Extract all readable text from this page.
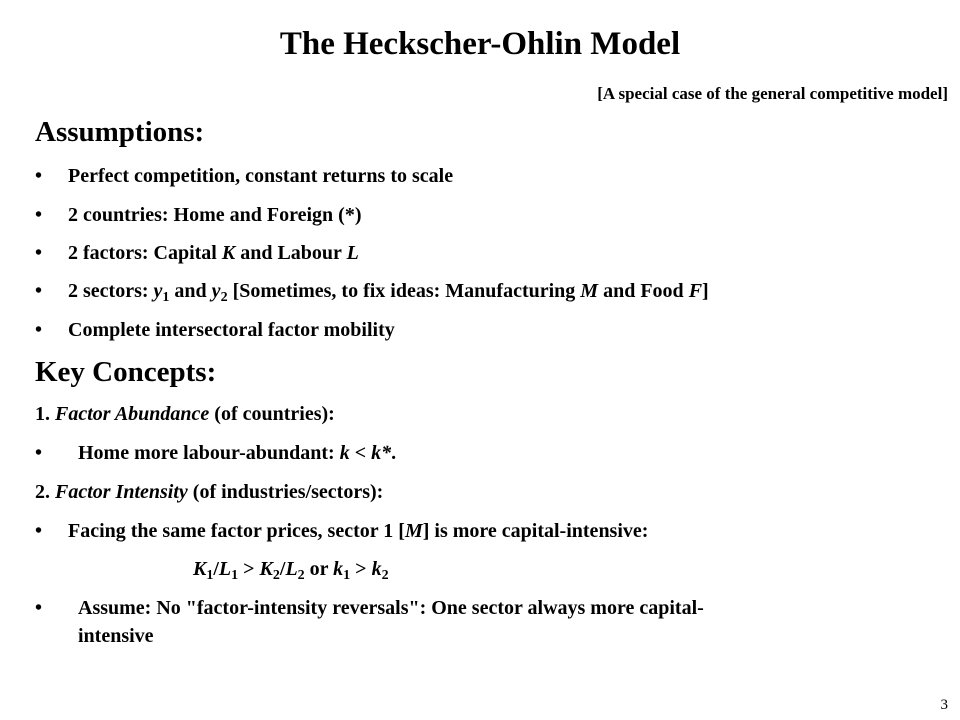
The Heckscher-Ohlin Model
[A special case of the general competitive model]
Assumptions:
• Perfect competition, constant returns to scale
• 2 countries: Home and Foreign (*)
• 2 factors: Capital K and Labour L
• 2 sectors: $y_1$ and $y_2$ [Sometimes, to fix ideas: Manufacturing M and Food F]
• Complete intersectoral factor mobility
Key Concepts:
1. Factor Abundance (of countries):
• Home more labour-abundant: k < k*.
2. Factor Intensity (of industries/sectors):
• Facing the same factor prices, sector 1 [M] is more capital-intensive:
$K_1/L_1 > K_2/L_2$ or $k_1 > k_2$
• Assume: No "factor-intensity reversals": One sector always more capital-
intensive
3
